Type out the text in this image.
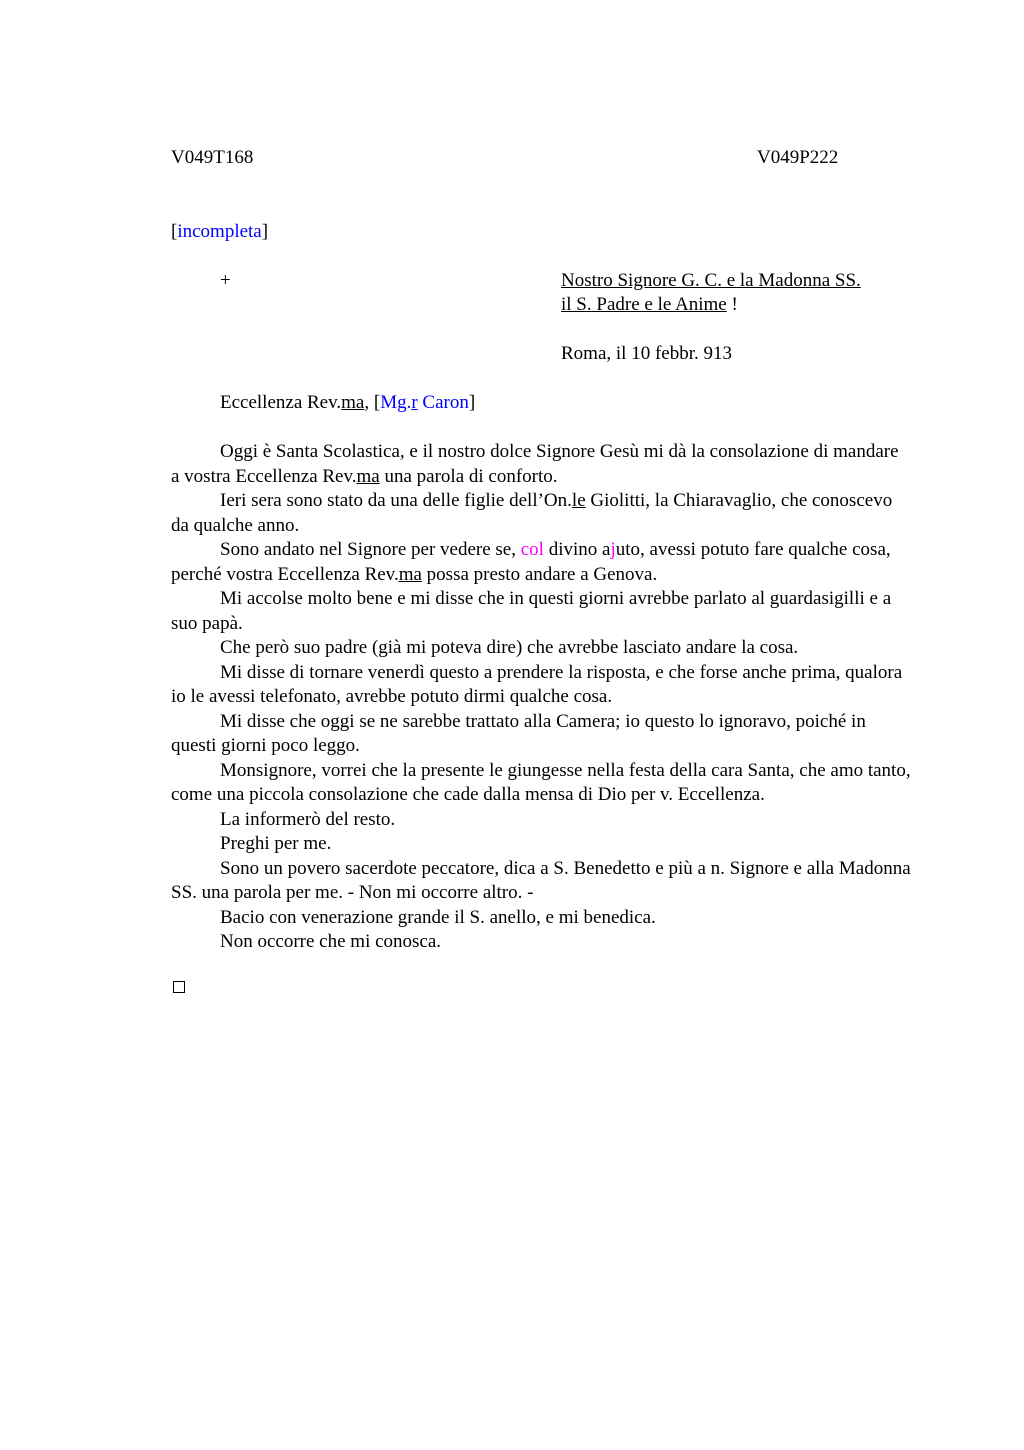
V049T168	V049P222
[incompleta]
+	Nostro Signore G. C. e la Madonna SS.
il S. Padre e le Anime !
Roma, il 10 febbr. 913
Eccellenza Rev.ma, [Mg.r Caron]

Oggi è Santa Scolastica, e il nostro dolce Signore Gesù mi dà la consolazione di mandare a vostra Eccellenza Rev.ma una parola di conforto.

Ieri sera sono stato da una delle figlie dell’On.le Giolitti, la Chiaravaglio, che conoscevo da qualche anno.

Sono andato nel Signore per vedere se, col divino ajuto, avessi potuto fare qualche cosa, perché vostra Eccellenza Rev.ma possa presto andare a Genova.

Mi accolse molto bene e mi disse che in questi giorni avrebbe parlato al guardasigilli e a suo papà.

Che però suo padre (già mi poteva dire) che avrebbe lasciato andare la cosa.

Mi disse di tornare venerdì questo a prendere la risposta, e che forse anche prima, qualora io le avessi telefonato, avrebbe potuto dirmi qualche cosa.

Mi disse che oggi se ne sarebbe trattato alla Camera; io questo lo ignoravo, poiché in questi giorni poco leggo.

Monsignore, vorrei che la presente le giungesse nella festa della cara Santa, che amo tanto, come una piccola consolazione che cade dalla mensa di Dio per v. Eccellenza.

La informerò del resto.

Preghi per me.

Sono un povero sacerdote peccatore, dica a S. Benedetto e più a n. Signore e alla Madonna SS. una parola per me. - Non mi occorre altro. -

Bacio con venerazione grande il S. anello, e mi benedica.

Non occorre che mi conosca.
